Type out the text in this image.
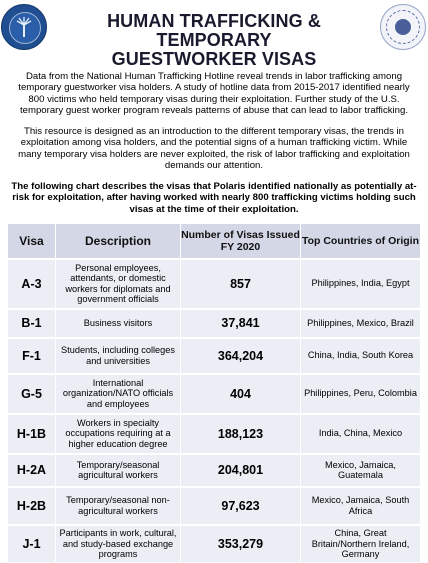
HUMAN TRAFFICKING & TEMPORARY
GUESTWORKER VISAS

Data from the National Human Trafficking Hotline reveal trends in labor trafficking among temporary guestworker visa holders. A study of hotline data from 2015-2017 identified nearly 800 victims who held temporary visas during their exploitation. Further study of the U.S. temporary guest worker program reveals patterns of abuse that can lead to labor trafficking.

This resource is designed as an introduction to the different temporary visas, the trends in exploitation among visa holders, and the potential signs of a human trafficking victim. While many temporary visa holders are never exploited, the risk of labor trafficking and exploitation demands our attention.

The following chart describes the visas that Polaris identified nationally as potentially at-risk for exploitation, after having worked with nearly 800 trafficking victims holding such visas at the time of their exploitation.

Visa	Description	Number of Visas Issued FY 2020	Top Countries of Origin
A-3	Personal employees, attendants, or domestic workers for diplomats and government officials	857	Philippines, India, Egypt
B-1	Business visitors	37,841	Philippines, Mexico, Brazil
F-1	Students, including colleges and universities	364,204	China, India, South Korea
G-5	International organization/NATO officials and employees	404	Philippines, Peru, Colombia
H-1B	Workers in specialty occupations requiring at a higher education degree	188,123	India, China, Mexico
H-2A	Temporary/seasonal agricultural workers	204,801	Mexico, Jamaica, Guatemala
H-2B	Temporary/seasonal non-agricultural workers	97,623	Mexico, Jamaica, South Africa
J-1	Participants in work, cultural, and study-based exchange programs	353,279	China, Great Britain/Northern Ireland, Germany
